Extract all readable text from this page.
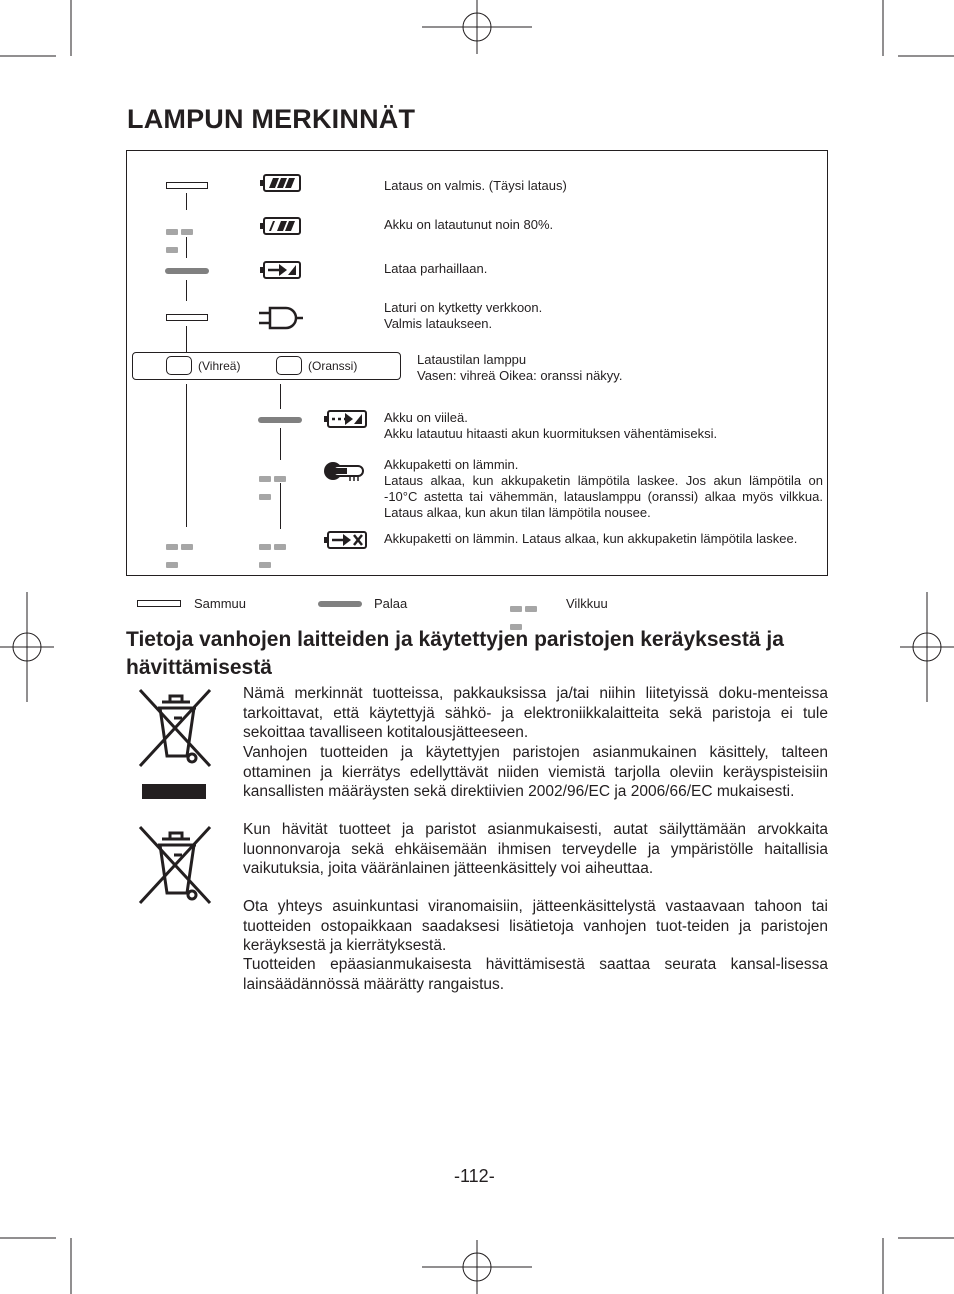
LAMPUN MERKINNÄT
Lataus on valmis. (Täysi lataus)
Akku on latautunut noin 80%.
Lataa parhaillaan.
Laturi on kytketty verkkoon.
Valmis lataukseen.
(Vihreä)	(Oranssi)	Lataustilan lamppu
Vasen: vihreä Oikea: oranssi näkyy.
Akku on viileä.
Akku latautuu hitaasti akun kuormituksen vähentämiseksi.
Akkupaketti on lämmin.
Lataus alkaa, kun akkupaketin lämpötila laskee. Jos akun lämpötila on -10°C astetta tai vähemmän, latauslamppu (oranssi) alkaa myös vilkkua. Lataus alkaa, kun akun tilan lämpötila nousee.
Akkupaketti on lämmin. Lataus alkaa, kun akkupaketin lämpötila laskee.
Sammuu	Palaa	Vilkkuu
Tietoja vanhojen laitteiden ja käytettyjen paristojen keräyksestä ja hävittämisestä
Nämä merkinnät tuotteissa, pakkauksissa ja/tai niihin liitetyissä doku-menteissa tarkoittavat, että käytettyjä sähkö- ja elektroniikkalaitteita sekä paristoja ei tule sekoittaa tavalliseen kotitalousjätteeseen.
Vanhojen tuotteiden ja käytettyjen paristojen asianmukainen käsittely, talteen ottaminen ja kierrätys edellyttävät niiden viemistä tarjolla oleviin keräyspisteisiin kansallisten määräysten sekä direktiivien 2002/96/EC ja 2006/66/EC mukaisesti.
Kun hävität tuotteet ja paristot asianmukaisesti, autat säilyttämään arvokkaita luonnonvaroja sekä ehkäisemään ihmisen terveydelle ja ympäristölle haitallisia vaikutuksia, joita vääränlainen jätteenkäsittely voi aiheuttaa.
Ota yhteys asuinkuntasi viranomaisiin, jätteenkäsittelystä vastaavaan tahoon tai tuotteiden ostopaikkaan saadaksesi lisätietoja vanhojen tuot-teiden ja paristojen keräyksestä ja kierrätyksestä.
Tuotteiden epäasianmukaisesta hävittämisestä saattaa seurata kansal-lisessa lainsäädännössä määrätty rangaistus.
-112-
